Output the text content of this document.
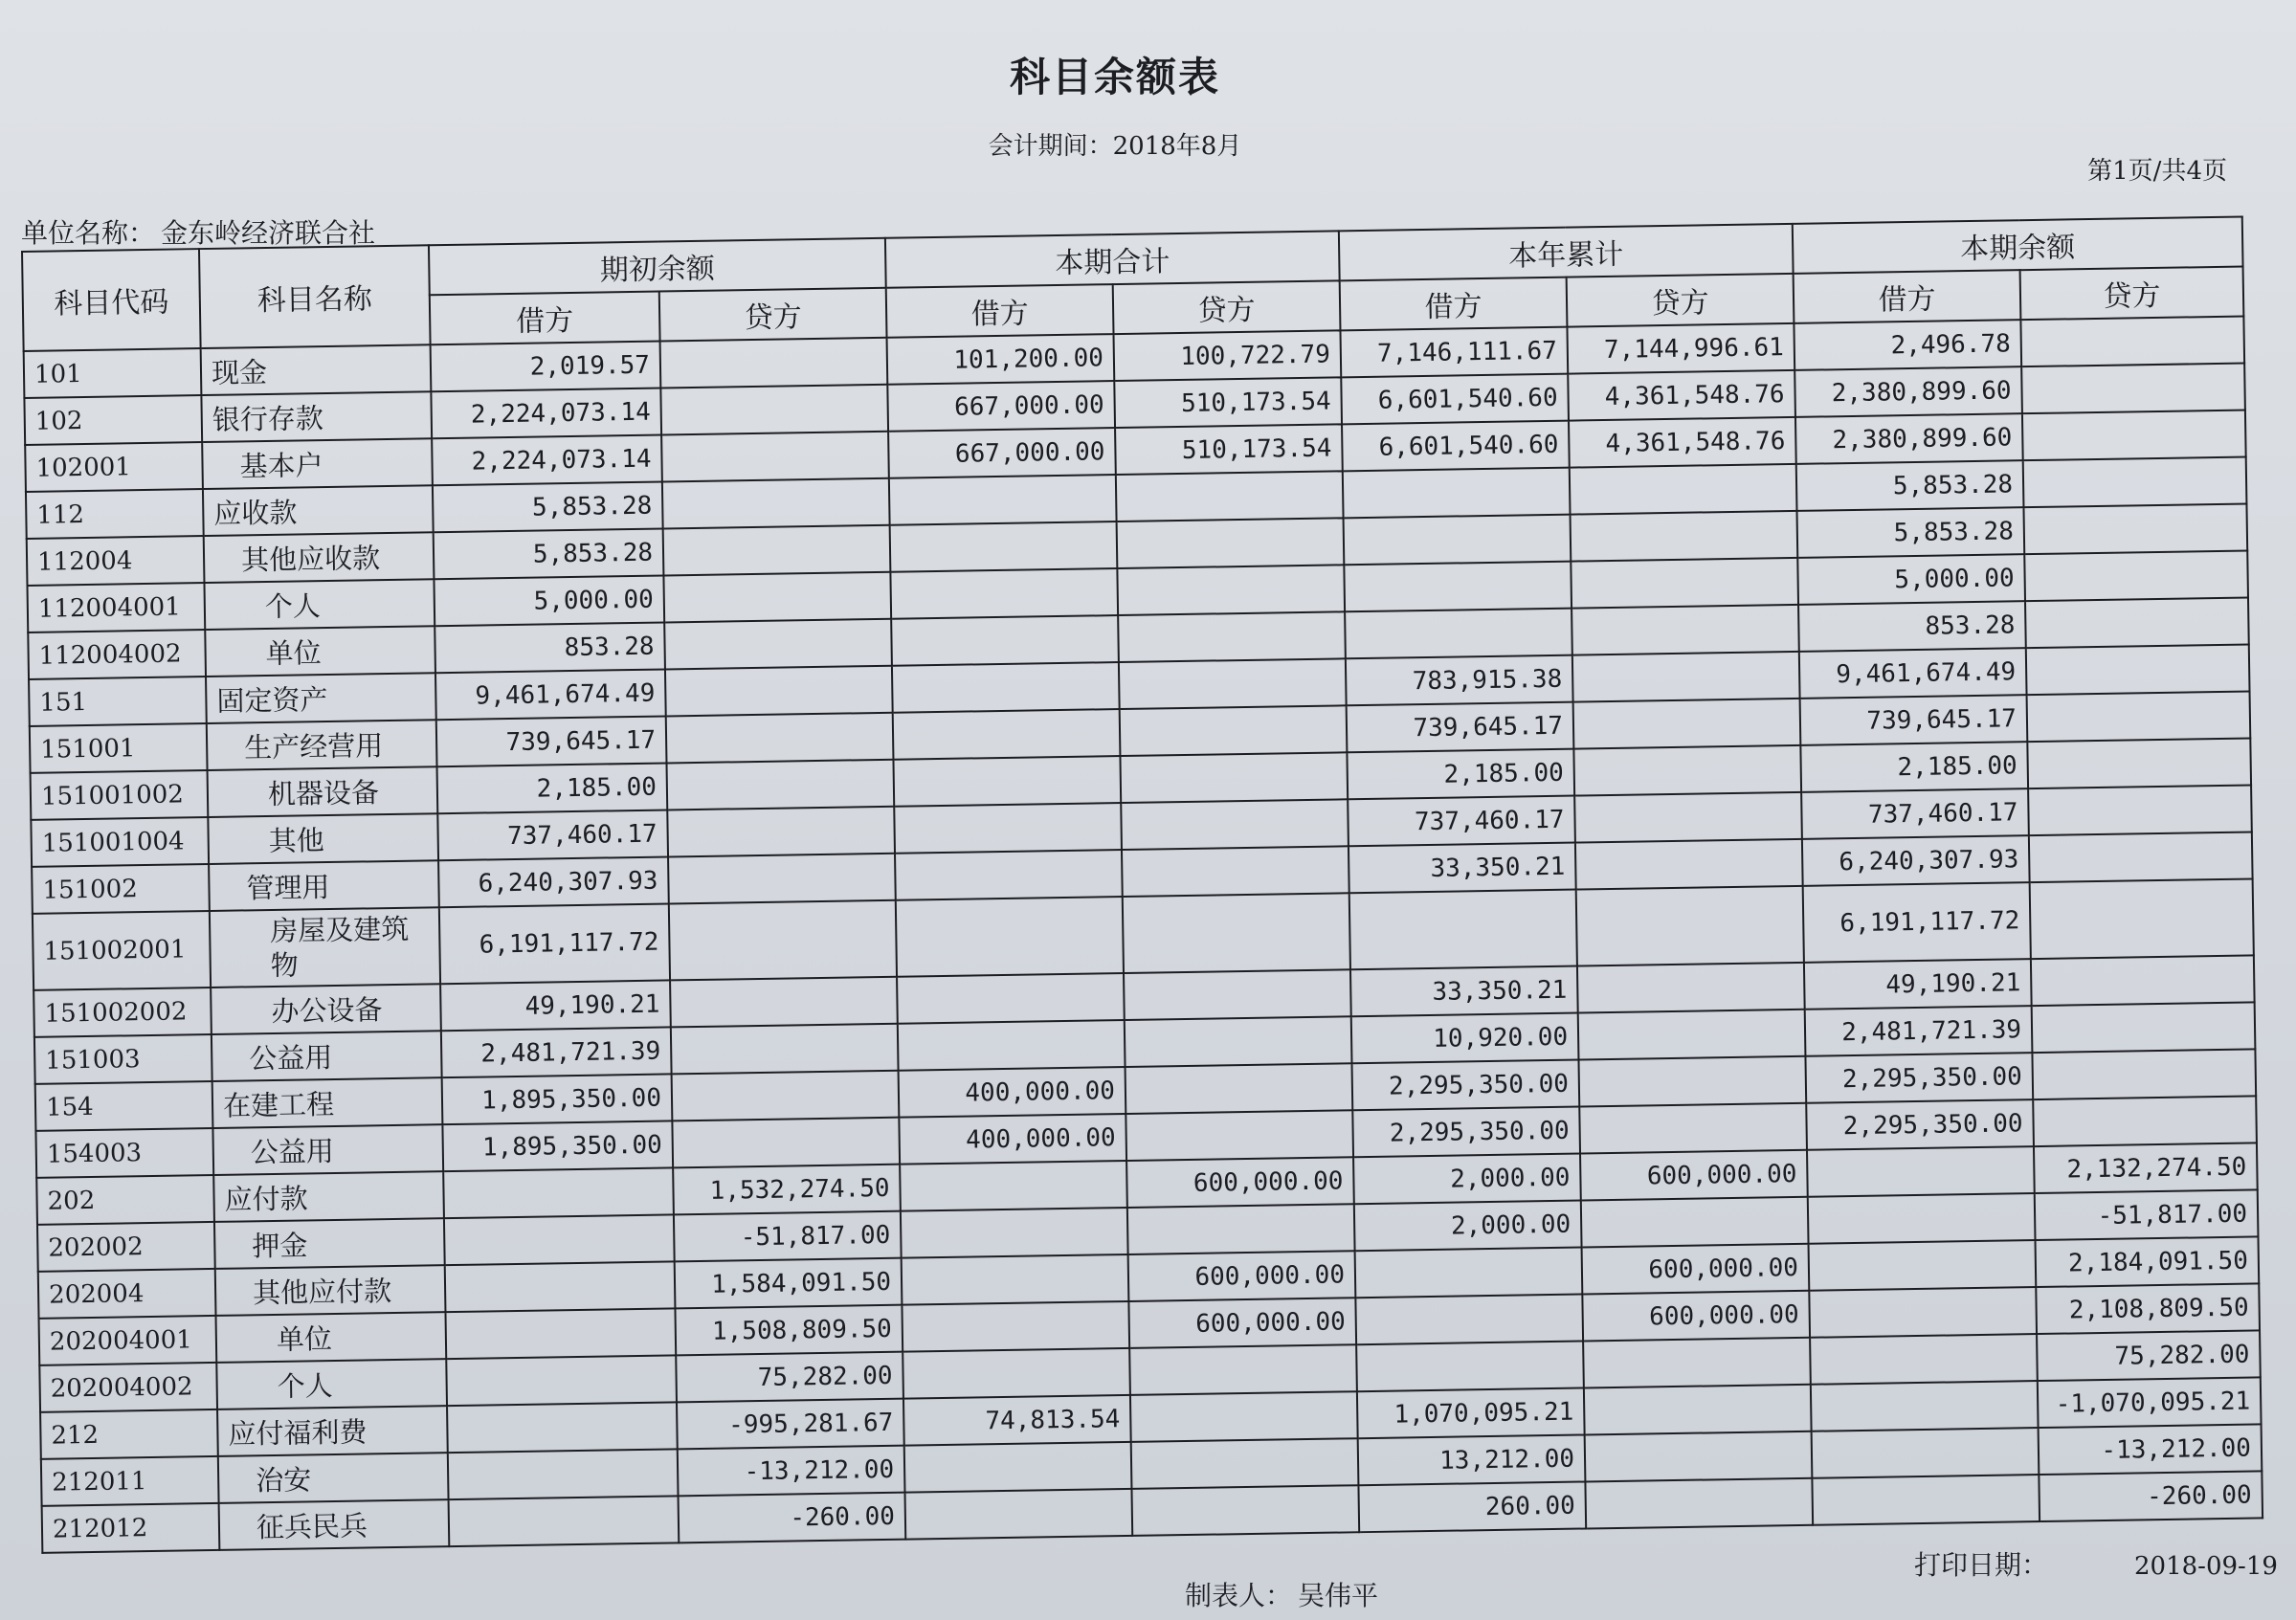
科目余额表
会计期间：2018年8月
第1页/共4页
单位名称： 金东岭经济联合社
科目代码	科目名称	期初余额		本期合计		本年累计		本期余额	
		借方	贷方	借方	贷方	借方	贷方	借方	贷方
101	现金	2,019.57		101,200.00	100,722.79	7,146,111.67	7,144,996.61	2,496.78	
102	银行存款	2,224,073.14		667,000.00	510,173.54	6,601,540.60	4,361,548.76	2,380,899.60	
102001	基本户	2,224,073.14		667,000.00	510,173.54	6,601,540.60	4,361,548.76	2,380,899.60	
112	应收款	5,853.28						5,853.28	
112004	其他应收款	5,853.28						5,853.28	
112004001	个人	5,000.00						5,000.00	
112004002	单位	853.28						853.28	
151	固定资产	9,461,674.49				783,915.38		9,461,674.49	
151001	生产经营用	739,645.17				739,645.17		739,645.17	
151001002	机器设备	2,185.00				2,185.00		2,185.00	
151001004	其他	737,460.17				737,460.17		737,460.17	
151002	管理用	6,240,307.93				33,350.21		6,240,307.93	
151002001	房屋及建筑物	6,191,117.72						6,191,117.72	
151002002	办公设备	49,190.21				33,350.21		49,190.21	
151003	公益用	2,481,721.39				10,920.00		2,481,721.39	
154	在建工程	1,895,350.00		400,000.00		2,295,350.00		2,295,350.00	
154003	公益用	1,895,350.00		400,000.00		2,295,350.00		2,295,350.00	
202	应付款		1,532,274.50		600,000.00	2,000.00	600,000.00		2,132,274.50
202002	押金		-51,817.00			2,000.00			-51,817.00
202004	其他应付款		1,584,091.50		600,000.00		600,000.00		2,184,091.50
202004001	单位		1,508,809.50		600,000.00		600,000.00		2,108,809.50
202004002	个人		75,282.00						75,282.00
212	应付福利费		-995,281.67	74,813.54		1,070,095.21			-1,070,095.21
212011	治安		-13,212.00			13,212.00			-13,212.00
212012	征兵民兵		-260.00			260.00			-260.00
制表人： 吴伟平
打印日期：	2018-09-19
